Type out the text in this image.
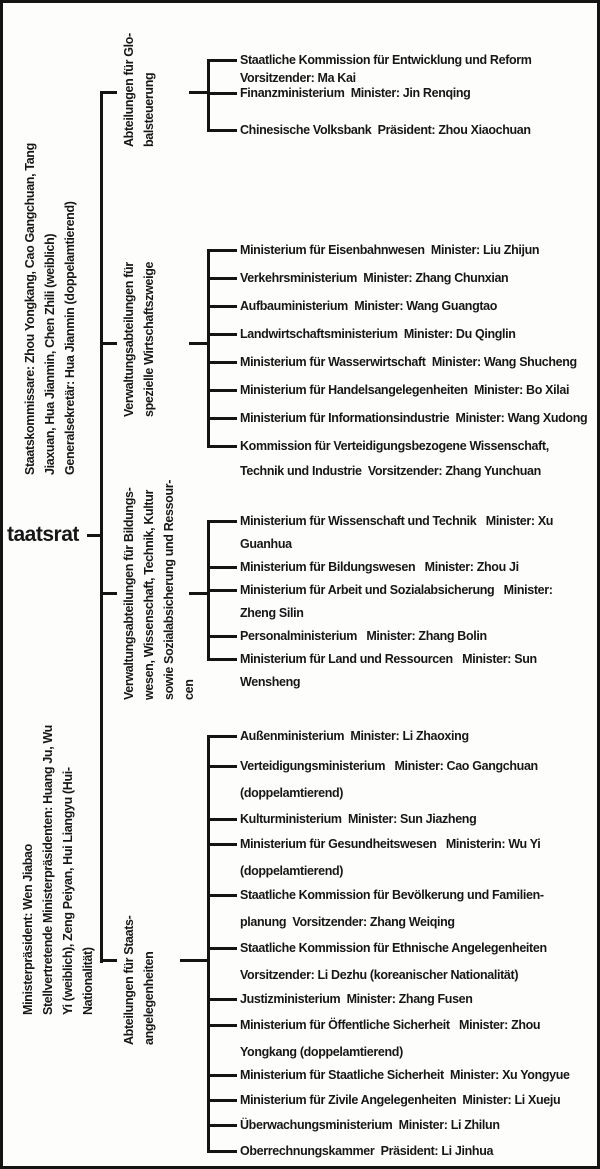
taatsrat
Staatskommissare: Zhou Yongkang, Cao Gangchuan, Tang Jiaxuan, Hua Jianmin, Chen Zhili (weiblich) Generalsekretär: Hua Jianmin (doppelamtierend)
Ministerpräsident: Wen Jiabao Stellvertretende Ministerpräsidenten: Huang Ju, Wu Yi (weiblich), Zeng Peiyan, Hui Liangyu (Hui- Nationalität)
Abteilungen für Glo- balsteuerung
Staatliche Kommission für Entwicklung und Reform
Vorsitzender: Ma Kai
Finanzministerium  Minister: Jin Renqing
Chinesische Volksbank  Präsident: Zhou Xiaochuan
Verwaltungsabteilungen für spezielle Wirtschaftszweige
Ministerium für Eisenbahnwesen  Minister: Liu Zhijun
Verkehrsministerium  Minister: Zhang Chunxian
Aufbauministerium  Minister: Wang Guangtao
Landwirtschaftsministerium  Minister: Du Qinglin
Ministerium für Wasserwirtschaft  Minister: Wang Shucheng
Ministerium für Handelsangelegenheiten  Minister: Bo Xilai
Ministerium für Informationsindustrie  Minister: Wang Xudong
Kommission für Verteidigungsbezogene Wissenschaft,
Technik und Industrie  Vorsitzender: Zhang Yunchuan
Verwaltungsabteilungen für Bildungs- wesen, Wissenschaft, Technik, Kultur sowie Sozialabsicherung und Ressour- cen
Ministerium für Wissenschaft und Technik   Minister: Xu
Guanhua
Ministerium für Bildungswesen   Minister: Zhou Ji
Ministerium für Arbeit und Sozialabsicherung   Minister:
Zheng Silin
Personalministerium   Minister: Zhang Bolin
Ministerium für Land und Ressourcen   Minister: Sun
Wensheng
Abteilungen für Staats- angelegenheiten
Außenministerium  Minister: Li Zhaoxing
Verteidigungsministerium   Minister: Cao Gangchuan
(doppelamtierend)
Kulturministerium  Minister: Sun Jiazheng
Ministerium für Gesundheitswesen   Ministerin: Wu Yi
(doppelamtierend)
Staatliche Kommission für Bevölkerung und Familien-
planung  Vorsitzender: Zhang Weiqing
Staatliche Kommission für Ethnische Angelegenheiten
Vorsitzender: Li Dezhu (koreanischer Nationalität)
Justizministerium  Minister: Zhang Fusen
Ministerium für Öffentliche Sicherheit   Minister: Zhou
Yongkang (doppelamtierend)
Ministerium für Staatliche Sicherheit  Minister: Xu Yongyue
Ministerium für Zivile Angelegenheiten  Minister: Li Xueju
Überwachungsministerium  Minister: Li Zhilun
Oberrechnungskammer  Präsident: Li Jinhua
